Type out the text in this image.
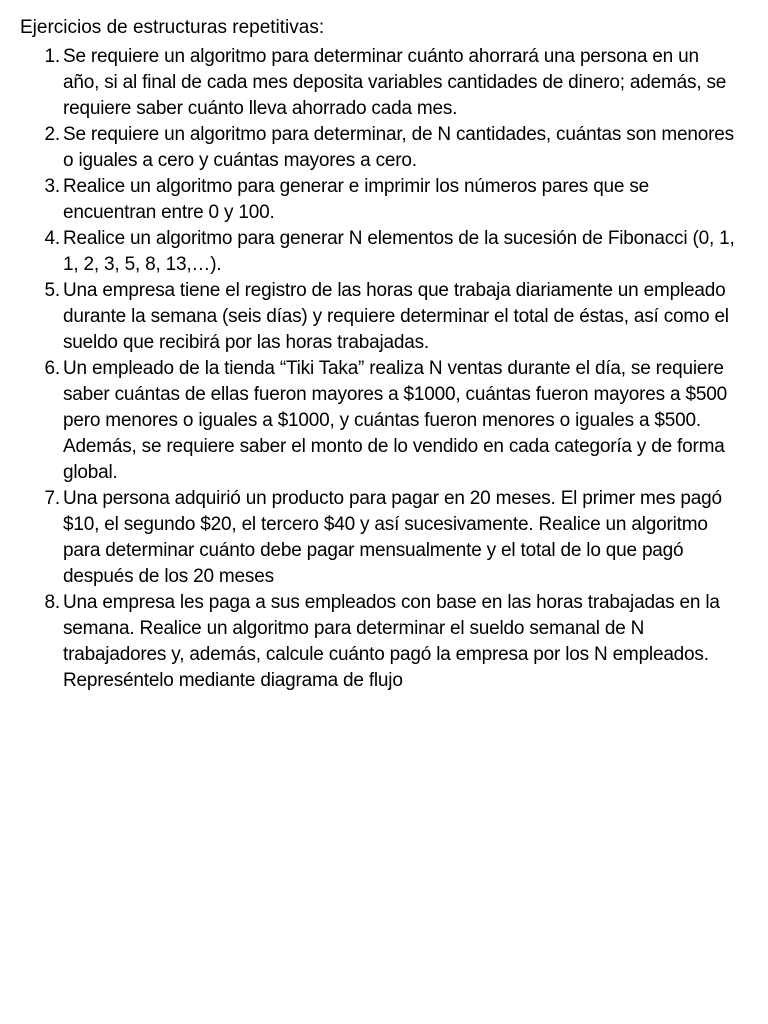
Ejercicios de estructuras repetitivas:
1. Se requiere un algoritmo para determinar cuánto ahorrará una persona en un año, si al final de cada mes deposita variables cantidades de dinero; además, se requiere saber cuánto lleva ahorrado cada mes.
2. Se requiere un algoritmo para determinar, de N cantidades, cuántas son menores o iguales a cero y cuántas mayores a cero.
3. Realice un algoritmo para generar e imprimir los números pares que se encuentran entre 0 y 100.
4. Realice un algoritmo para generar N elementos de la sucesión de Fibonacci (0, 1, 1, 2, 3, 5, 8, 13,…).
5. Una empresa tiene el registro de las horas que trabaja diariamente un empleado durante la semana (seis días) y requiere determinar el total de éstas, así como el sueldo que recibirá por las horas trabajadas.
6. Un empleado de la tienda “Tiki Taka” realiza N ventas durante el día, se requiere saber cuántas de ellas fueron mayores a $1000, cuántas fueron mayores a $500 pero menores o iguales a $1000, y cuántas fueron menores o iguales a $500. Además, se requiere saber el monto de lo vendido en cada categoría y de forma global.
7. Una persona adquirió un producto para pagar en 20 meses. El primer mes pagó $10, el segundo $20, el tercero $40 y así sucesivamente. Realice un algoritmo para determinar cuánto debe pagar mensualmente y el total de lo que pagó después de los 20 meses
8. Una empresa les paga a sus empleados con base en las horas trabajadas en la semana. Realice un algoritmo para determinar el sueldo semanal de N trabajadores y, además, calcule cuánto pagó la empresa por los N empleados. Represéntelo mediante diagrama de flujo
